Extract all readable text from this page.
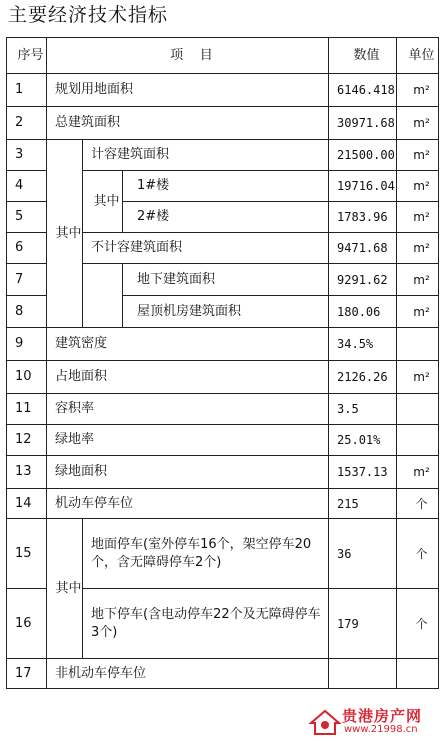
主要经济技术指标
序号	项    目			数值	单位
1	规划用地面积			6146.418	m²
2	总建筑面积			30971.68	m²
3	其中	计容建筑面积		21500.00	m²
4		其中	1#楼	19716.04	m²
5			2#楼	1783.96	m²
6		不计容建筑面积		9471.68	m²
7			地下建筑面积	9291.62	m²
8			屋顶机房建筑面积	180.06	m²
9	建筑密度			34.5%	
10	占地面积			2126.26	m²
11	容积率			3.5	
12	绿地率			25.01%	
13	绿地面积			1537.13	m²
14	机动车停车位			215	个
15	其中	地面停车(室外停车16个，架空停车20个，含无障碍停车2个)		36	个
16		地下停车(含电动停车22个及无障碍停车3个)		179	个
17	非机动车停车位				
贵港房产网
www.21998.cn
